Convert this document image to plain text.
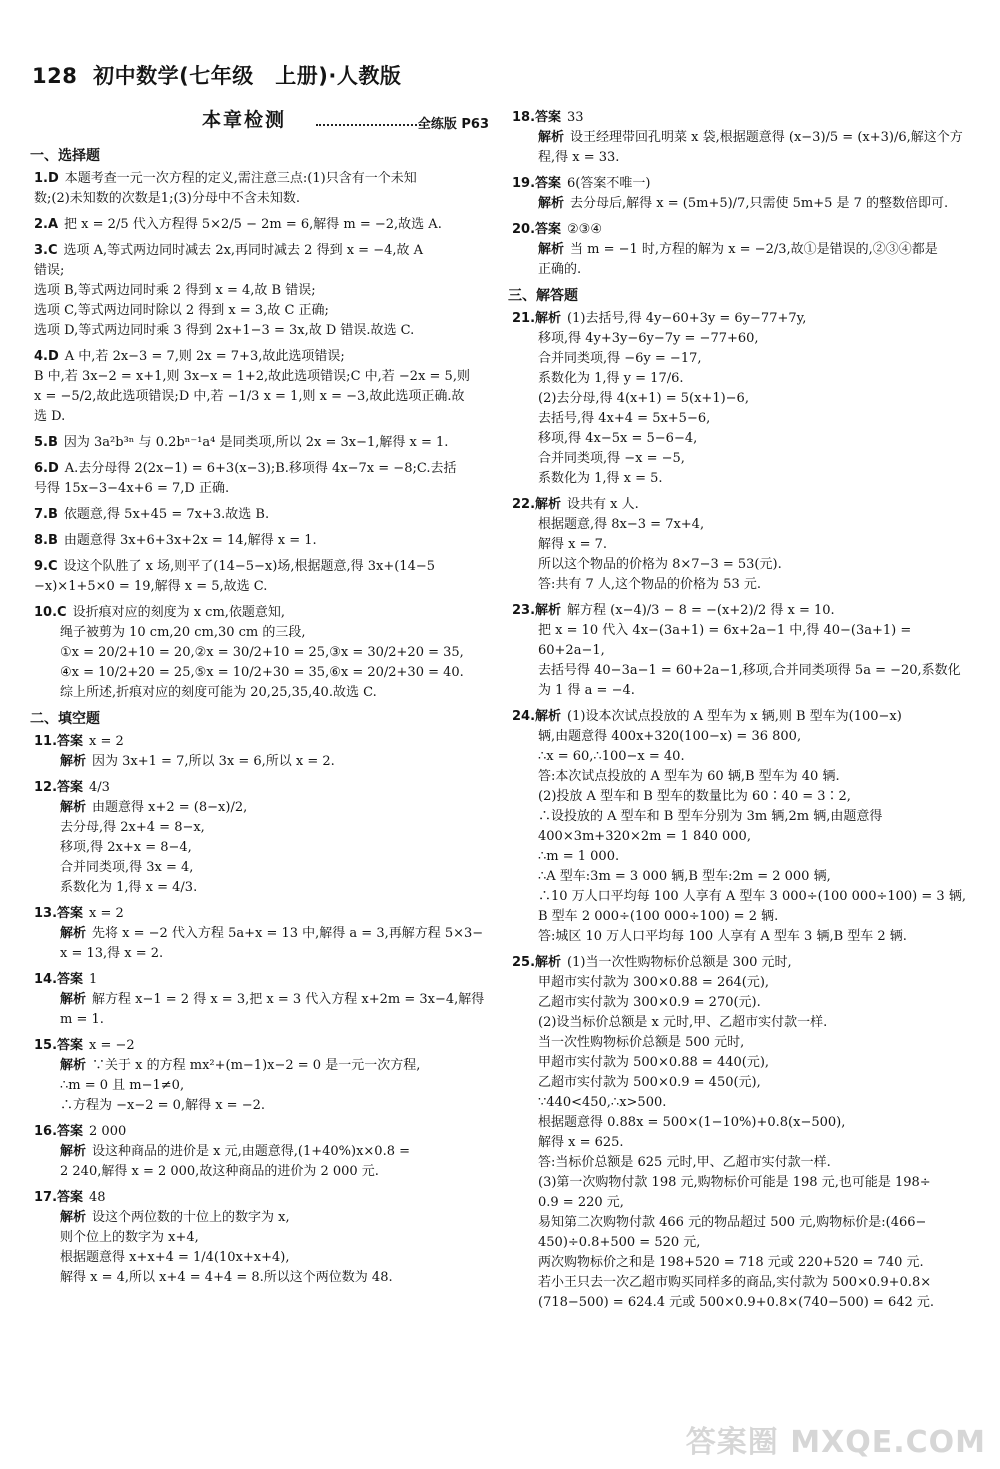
128 初中数学(七年级　上册)·人教版
本章检测	全练版 P63
一、选择题

1.D 本题考查一元一次方程的定义,需注意三点:(1)只含有一个未知

数;(2)未知数的次数是1;(3)分母中不含未知数.

2.A 把 x = 2/5 代入方程得 5×2/5 − 2m = 6,解得 m = −2,故选 A.

3.C 选项 A,等式两边同时减去 2x,再同时减去 2 得到 x = −4,故 A

错误;

选项 B,等式两边同时乘 2 得到 x = 4,故 B 错误;

选项 C,等式两边同时除以 2 得到 x = 3,故 C 正确;

选项 D,等式两边同时乘 3 得到 2x+1−3 = 3x,故 D 错误.故选 C.

4.D A 中,若 2x−3 = 7,则 2x = 7+3,故此选项错误;

B 中,若 3x−2 = x+1,则 3x−x = 1+2,故此选项错误;C 中,若 −2x = 5,则

x = −5/2,故此选项错误;D 中,若 −1/3 x = 1,则 x = −3,故此选项正确.故

选 D.

5.B 因为 3a²b³ⁿ 与 0.2bⁿ⁻¹a⁴ 是同类项,所以 2x = 3x−1,解得 x = 1.

6.D A.去分母得 2(2x−1) = 6+3(x−3);B.移项得 4x−7x = −8;C.去括

号得 15x−3−4x+6 = 7,D 正确.

7.B 依题意,得 5x+45 = 7x+3.故选 B.

8.B 由题意得 3x+6+3x+2x = 14,解得 x = 1.

9.C 设这个队胜了 x 场,则平了(14−5−x)场,根据题意,得 3x+(14−5

−x)×1+5×0 = 19,解得 x = 5,故选 C.

10.C 设折痕对应的刻度为 x cm,依题意知,

绳子被剪为 10 cm,20 cm,30 cm 的三段,

①x = 20/2+10 = 20,②x = 30/2+10 = 25,③x = 30/2+20 = 35,

④x = 10/2+20 = 25,⑤x = 10/2+30 = 35,⑥x = 20/2+30 = 40.

综上所述,折痕对应的刻度可能为 20,25,35,40.故选 C.

二、填空题

11.答案 x = 2

解析 因为 3x+1 = 7,所以 3x = 6,所以 x = 2.

12.答案 4/3

解析 由题意得 x+2 = (8−x)/2,

去分母,得 2x+4 = 8−x,

移项,得 2x+x = 8−4,

合并同类项,得 3x = 4,

系数化为 1,得 x = 4/3.

13.答案 x = 2

解析 先将 x = −2 代入方程 5a+x = 13 中,解得 a = 3,再解方程 5×3−

x = 13,得 x = 2.

14.答案 1

解析 解方程 x−1 = 2 得 x = 3,把 x = 3 代入方程 x+2m = 3x−4,解得

m = 1.

15.答案 x = −2

解析 ∵关于 x 的方程 mx²+(m−1)x−2 = 0 是一元一次方程,

∴m = 0 且 m−1≠0,

∴方程为 −x−2 = 0,解得 x = −2.

16.答案 2 000

解析 设这种商品的进价是 x 元,由题意得,(1+40%)x×0.8 =

2 240,解得 x = 2 000,故这种商品的进价为 2 000 元.

17.答案 48

解析 设这个两位数的十位上的数字为 x,

则个位上的数字为 x+4,

根据题意得 x+x+4 = 1/4(10x+x+4),

解得 x = 4,所以 x+4 = 4+4 = 8.所以这个两位数为 48.

18.答案 33

解析 设王经理带回孔明菜 x 袋,根据题意得 (x−3)/5 = (x+3)/6,解这个方

程,得 x = 33.

19.答案 6(答案不唯一)

解析 去分母后,解得 x = (5m+5)/7,只需使 5m+5 是 7 的整数倍即可.

20.答案 ②③④

解析 当 m = −1 时,方程的解为 x = −2/3,故①是错误的,②③④都是

正确的.

三、解答题

21.解析 (1)去括号,得 4y−60+3y = 6y−77+7y,

移项,得 4y+3y−6y−7y = −77+60,

合并同类项,得 −6y = −17,

系数化为 1,得 y = 17/6.

(2)去分母,得 4(x+1) = 5(x+1)−6,

去括号,得 4x+4 = 5x+5−6,

移项,得 4x−5x = 5−6−4,

合并同类项,得 −x = −5,

系数化为 1,得 x = 5.

22.解析 设共有 x 人.

根据题意,得 8x−3 = 7x+4,

解得 x = 7.

所以这个物品的价格为 8×7−3 = 53(元).

答:共有 7 人,这个物品的价格为 53 元.

23.解析 解方程 (x−4)/3 − 8 = −(x+2)/2 得 x = 10.

把 x = 10 代入 4x−(3a+1) = 6x+2a−1 中,得 40−(3a+1) = 60+2a−1,

去括号得 40−3a−1 = 60+2a−1,移项,合并同类项得 5a = −20,系数化

为 1 得 a = −4.

24.解析 (1)设本次试点投放的 A 型车为 x 辆,则 B 型车为(100−x)

辆,由题意得 400x+320(100−x) = 36 800,

∴x = 60,∴100−x = 40.

答:本次试点投放的 A 型车为 60 辆,B 型车为 40 辆.

(2)投放 A 型车和 B 型车的数量比为 60∶40 = 3∶2,

∴设投放的 A 型车和 B 型车分别为 3m 辆,2m 辆,由题意得

400×3m+320×2m = 1 840 000,

∴m = 1 000.

∴A 型车:3m = 3 000 辆,B 型车:2m = 2 000 辆,

∴10 万人口平均每 100 人享有 A 型车 3 000÷(100 000÷100) = 3 辆,

B 型车 2 000÷(100 000÷100) = 2 辆.

答:城区 10 万人口平均每 100 人享有 A 型车 3 辆,B 型车 2 辆.

25.解析 (1)当一次性购物标价总额是 300 元时,

甲超市实付款为 300×0.88 = 264(元),

乙超市实付款为 300×0.9 = 270(元).

(2)设当标价总额是 x 元时,甲、乙超市实付款一样.

当一次性购物标价总额是 500 元时,

甲超市实付款为 500×0.88 = 440(元),

乙超市实付款为 500×0.9 = 450(元),

∵440<450,∴x>500.

根据题意得 0.88x = 500×(1−10%)+0.8(x−500),

解得 x = 625.

答:当标价总额是 625 元时,甲、乙超市实付款一样.

(3)第一次购物付款 198 元,购物标价可能是 198 元,也可能是 198÷

0.9 = 220 元,

易知第二次购物付款 466 元的物品超过 500 元,购物标价是:(466−

450)÷0.8+500 = 520 元,

两次购物标价之和是 198+520 = 718 元或 220+520 = 740 元.

若小王只去一次乙超市购买同样多的商品,实付款为 500×0.9+0.8×

(718−500) = 624.4 元或 500×0.9+0.8×(740−500) = 642 元.

答案圈 MXQE.COM
